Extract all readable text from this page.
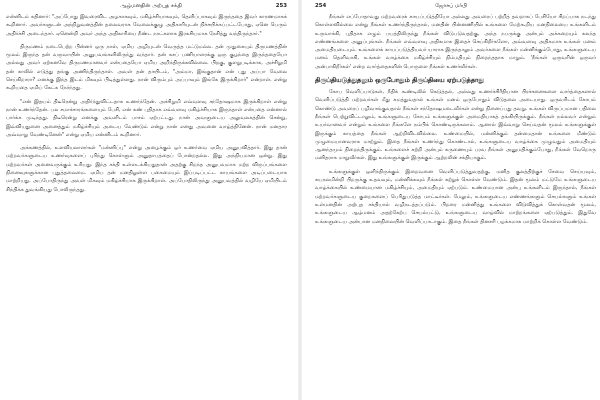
ஆழ்மனதின் அற்புத சக்தி	253

என்னிடம் கதினார்: "அப்போது இவரைவிட அழகாகவும், மகிழ்ச்சியாகவும், தெளிப்பாகவும் இருந்ததை இவர் காரணமாகக் கூறினார். அவர்களுடன் அந்நிறுவனத்தின் தலைவராக வேலைக்குழு அதிகாரியுடன் நிச்சயிக்கப்பட்டபோது, ஏனெ பெரும் அதிர்ச்சி அடைந்தார். ஏனென்றி அவர் அந்த அதிகாரியை நீண்ட நாட்களாக இரகசியமாக நேசித்து வந்திருந்தார்."

திருமணம் நடைபெற்ற பின்னர் ஒரு நாள், ஏமிய அழியுடன் வெருத்த மட்டுமல்ல. தன் முதுகையும் திருமணத்தின் மூலம் இருந்த தன் வருவாயின் அனுபவங்களிலிருந்து வந்தார். தன் கசப் பணியாளரக்கு ஒரு குழந்தை இருந்ததையோ அல்லது அவர் ஏற்கனவே திருமணமானவர் என்பதையோ ஏமிய அறிந்திருக்கவில்லை. பிறகு, குளறுபடிக்காக, அச்சிறுமி தன் காலில் எடுத்து தங்கு அணிந்திருந்தாள். அவள் தன் தாயிடம், "அம்மா, இங்குதான் என் புது அப்பா வேலை செய்கிறாரா? எனக்கு இந்த இடம் மிகவும் பிடித்துள்ளது. நான் விரும்பும் அப்பாவும் இங்கே இருக்கிறார்" என்றாள். என்று கூறியதை ஏமிய் கேட்க நேர்ந்தது.

"என் இதயம் திடீரென்று அதிர்ந்துவிட்டதாக உணர்ந்தேன். அச்சிறுமி எவ்வளவு சந்தோஷமாக இருக்கிறாள் என்று நான் உணர்ந்தேன். பல சமாச்சாரங்களையும் பேசி, என் கண் புதிதாக எவ்வளவு மகிழ்ச்சியாக இருந்தாள் என்பதை என்னால் பார்க்க முடிந்தது. திடீரென்று எனக்கு அவளிடம் பாசம் ஏற்பட்டது. நான் அவளுடைய அலுவலகத்தின் சென்று, இவ்வியதுனை அனைத்தும் மகிழ்ச்சியும் அடைய வேண்டும் என்று நான் எனது அவனை வாழ்த்தினேன். நான் மனதார அவ்வாறு வேண்டினேன்" என்று ஏமிய என்னிடம் கூறினார்.

அக்கணத்தில், உளவியலாளர்கள் "மன்னிப்பு" என்று அழைக்கும் ஒர் உணர்வை ஏமிய அனுபவித்தார். இது தான் மற்றவர்களுடைய உணர்வுகளைப் புரிந்து கொள்ளும் அனுதாபத்தைப் போன்றதல்ல. இது அந்நியமான ஒன்று. இது மற்றவர்கள் அனைவருக்கும் உரியது. இந்த சக்தி உள்ளடக்கியதுதான் அதற்கு சிறந்த அனுபவமாக மற்ற விருப்பங்களை நினைவுகளுக்கான புதுத்தலைமை. ஏமிய தன் மனதிலுள்ள பகைமையும் இப்படிப்பட்ட காயங்களை அடிப்படையாக மாற்றியது. அப்போதிருந்து அவள் மிகவும் மகிழ்ச்சியாக இருக்கிறாள். அப்போதிலிருந்து அனுபவத்தில் வழியே ஏமியிடம் சிந்திக்க துவங்கியது போலிருந்தது.

254	ஜோசப் மர்பி

நீங்கள் எப்போதாவது மற்றவரைக் காயப்படுத்தியோ அல்லது அவரைப் பற்றித் தவறாகப் பேசியோ சிறப்பாக நடந்து கொள்ளவில்லை என்று நீங்கள் உணர்ந்திருந்தால், மனதின் பின்னணியில் உங்களை மேற்கூறிய மனநிலையை உங்களிடம் உருவாக்கி, புதிதாக எழும் பயத்திலிருந்து நீங்கள் விடுபடுவதற்கு, அந்த நபருக்கு அன்பும் அக்கறையும் கலந்த எண்ணங்களை அனுப்புங்கள். நீங்கள் எவ்வளவு அதிகமாக இதைச் செய்கிறீர்களோ, அவ்வளவு அதிகமாக உங்கள் மனம் அமைதியடையும். உங்களைக் காயப்படுத்தியவர் யாராக இருந்தாலும் அவர்களை நீங்கள் மன்னிக்கும்போது, உங்களுடைய மனம் தெளிவாகி, உங்கள் வாழ்க்கை மகிழ்ச்சியும் நிம்மதியும் நிறைந்ததாக மாறும். 'நீங்கள் ஒருவரின் ஒருவர் அன்பாகிறீர்கள்' என்ற வார்த்தைகளின் பொருளை நீங்கள் உணர்வீர்கள்.

திருப்தியடுத்துதலும் ஒருபோதும் திருப்தியை ஏற்படுத்தாது

கோப வெளிப்பாடுகள், நீதிக் கூண்டிலில் கெடுத்தல், அல்லது உணர்ச்சிரீதியான பிரச்சனைகளை வார்த்தைகளால் வெளிப்படுத்தி மற்றவர்கள் மீது சுமத்துவதால் உங்கள் மனம் ஒருபோதும் விடுதலை அடையாது. ஒருவரிடம் கோபம் கொண்டு அவரைப் பழிவாங்குவதால் நீங்கள் சந்தோஷமடைவீர்கள் என்று நினைப்பது தவறு. உங்கள் விருப்பமான பதிலை நீங்கள் பெற்றுவிட்டாலும், உங்களுடைய கோபம் உங்களுக்குள் அமைதியாகத் தங்கியிருக்கும். நீங்கள் நல்லவர் என்றும் உயர்வானவர் என்றும் உங்களை நீங்களே நம்பிக் கொண்டிருக்கலாம். ஆனால் இவ்வாறு செய்வதன் மூலம் உங்களுக்குள் இருக்கும் காயத்தை நீங்கள் ஆற்றிவிடவில்லை. உண்மையில், மன்னிக்கும் தன்மைதான் உங்களை மீண்டும் முழுமையானவராக மாற்றும். இதை நீங்கள் உணர்ந்து கொண்டால், உங்களுடைய வாழ்க்கை முழுவதும் அமைதியும் ஆனந்தமும் நிறைந்திருக்கும். உங்களைச் சுற்றி அன்பும் கருணையும் பரவ நீங்கள் அனுமதிக்கும்போது, நீங்கள் வேறொரு மனிதராக மாறுவீர்கள். இது உங்களுக்குள் இருக்கும் ஆற்றலின் சக்தியாகும்.

உங்களுக்குள் ஒளிந்திருக்கும் இறைவனை வெளிப்படுத்துவதற்கு, மனித குலத்திற்குச் சேவை செய்யவும், சுயநலமின்றி பிறருக்கு உதவவும், மன்னிக்கவும் நீங்கள் கற்றுக் கொள்ள வேண்டும். இதன் மூலம் மட்டுமே உங்களுடைய வாழ்க்கையில் உண்மையான மகிழ்ச்சியும், அமைதியும் ஏற்படும். உண்மையான அன்பு உங்களிடம் இருந்தால், நீங்கள் மற்றவர்களுடைய குறைகளைப் பெரிதுபடுத்த மாட்டீர்கள். மேலும், உங்களுடைய எண்ணங்களும் செயல்களும் உங்கள் உள்மனதின் அற்புத சக்தியால் வழிநடத்தப்படும். பிறரை மன்னித்து உங்களை விடுவித்துக் கொள்வதன் மூலம், உங்களுடைய ஆழ்மனம் அதற்கேற்ப செயல்பட்டு, உங்களுடைய வாழ்வில் மாற்றங்களை ஏற்படுத்தும். இதுவே உங்களுடைய அன்பான மனநிலையின் வெளிப்பாடாகும். இதை நீங்கள் தினசரி பழக்கமாக மாற்றிக் கொள்ள வேண்டும்.
